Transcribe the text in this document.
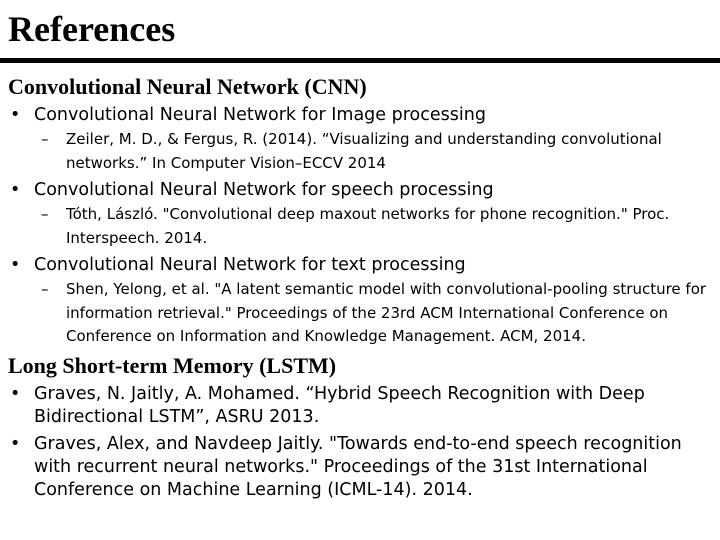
References
Convolutional Neural Network (CNN)
• Convolutional Neural Network for Image processing
– Zeiler, M. D., & Fergus, R. (2014). “Visualizing and understanding convolutional networks.” In Computer Vision–ECCV 2014
• Convolutional Neural Network for speech processing
– Tóth, László. "Convolutional deep maxout networks for phone recognition." Proc. Interspeech. 2014.
• Convolutional Neural Network for text processing
– Shen, Yelong, et al. "A latent semantic model with convolutional-pooling structure for information retrieval." Proceedings of the 23rd ACM International Conference on Conference on Information and Knowledge Management. ACM, 2014.
Long Short-term Memory (LSTM)
• Graves, N. Jaitly, A. Mohamed. “Hybrid Speech Recognition with Deep Bidirectional LSTM”, ASRU 2013.
• Graves, Alex, and Navdeep Jaitly. "Towards end-to-end speech recognition with recurrent neural networks." Proceedings of the 31st International Conference on Machine Learning (ICML-14). 2014.
